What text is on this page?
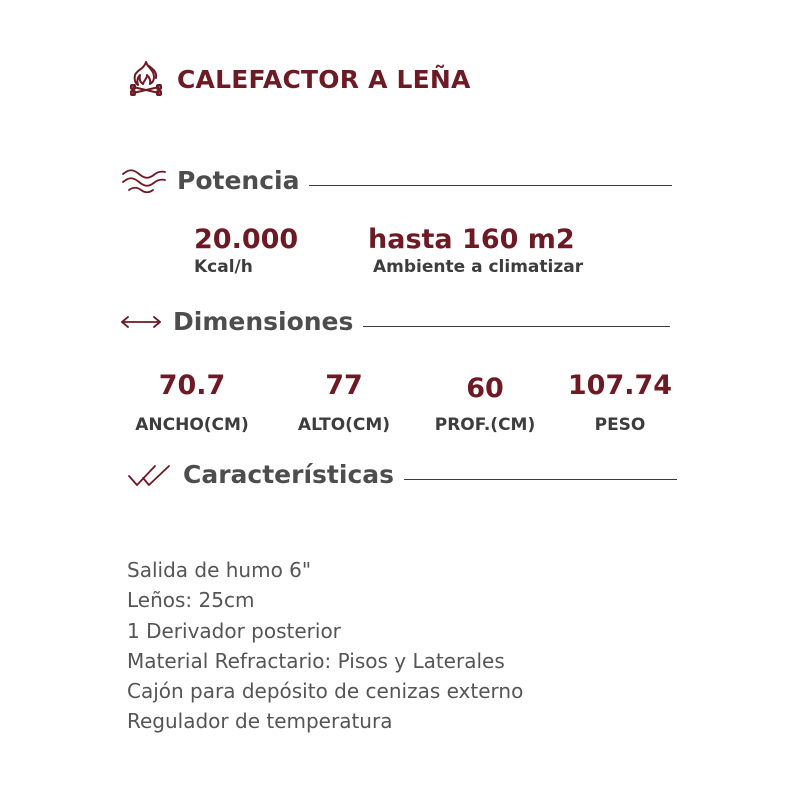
CALEFACTOR A LEÑA
Potencia
20.000
Kcal/h
hasta 160 m2
Ambiente a climatizar
Dimensiones
70.7
ANCHO(CM)
77
ALTO(CM)
60
PROF.(CM)
107.74
PESO
Características
Salida de humo 6"
Leños: 25cm
1 Derivador posterior
Material Refractario: Pisos y Laterales
Cajón para depósito de cenizas externo
Regulador de temperatura
